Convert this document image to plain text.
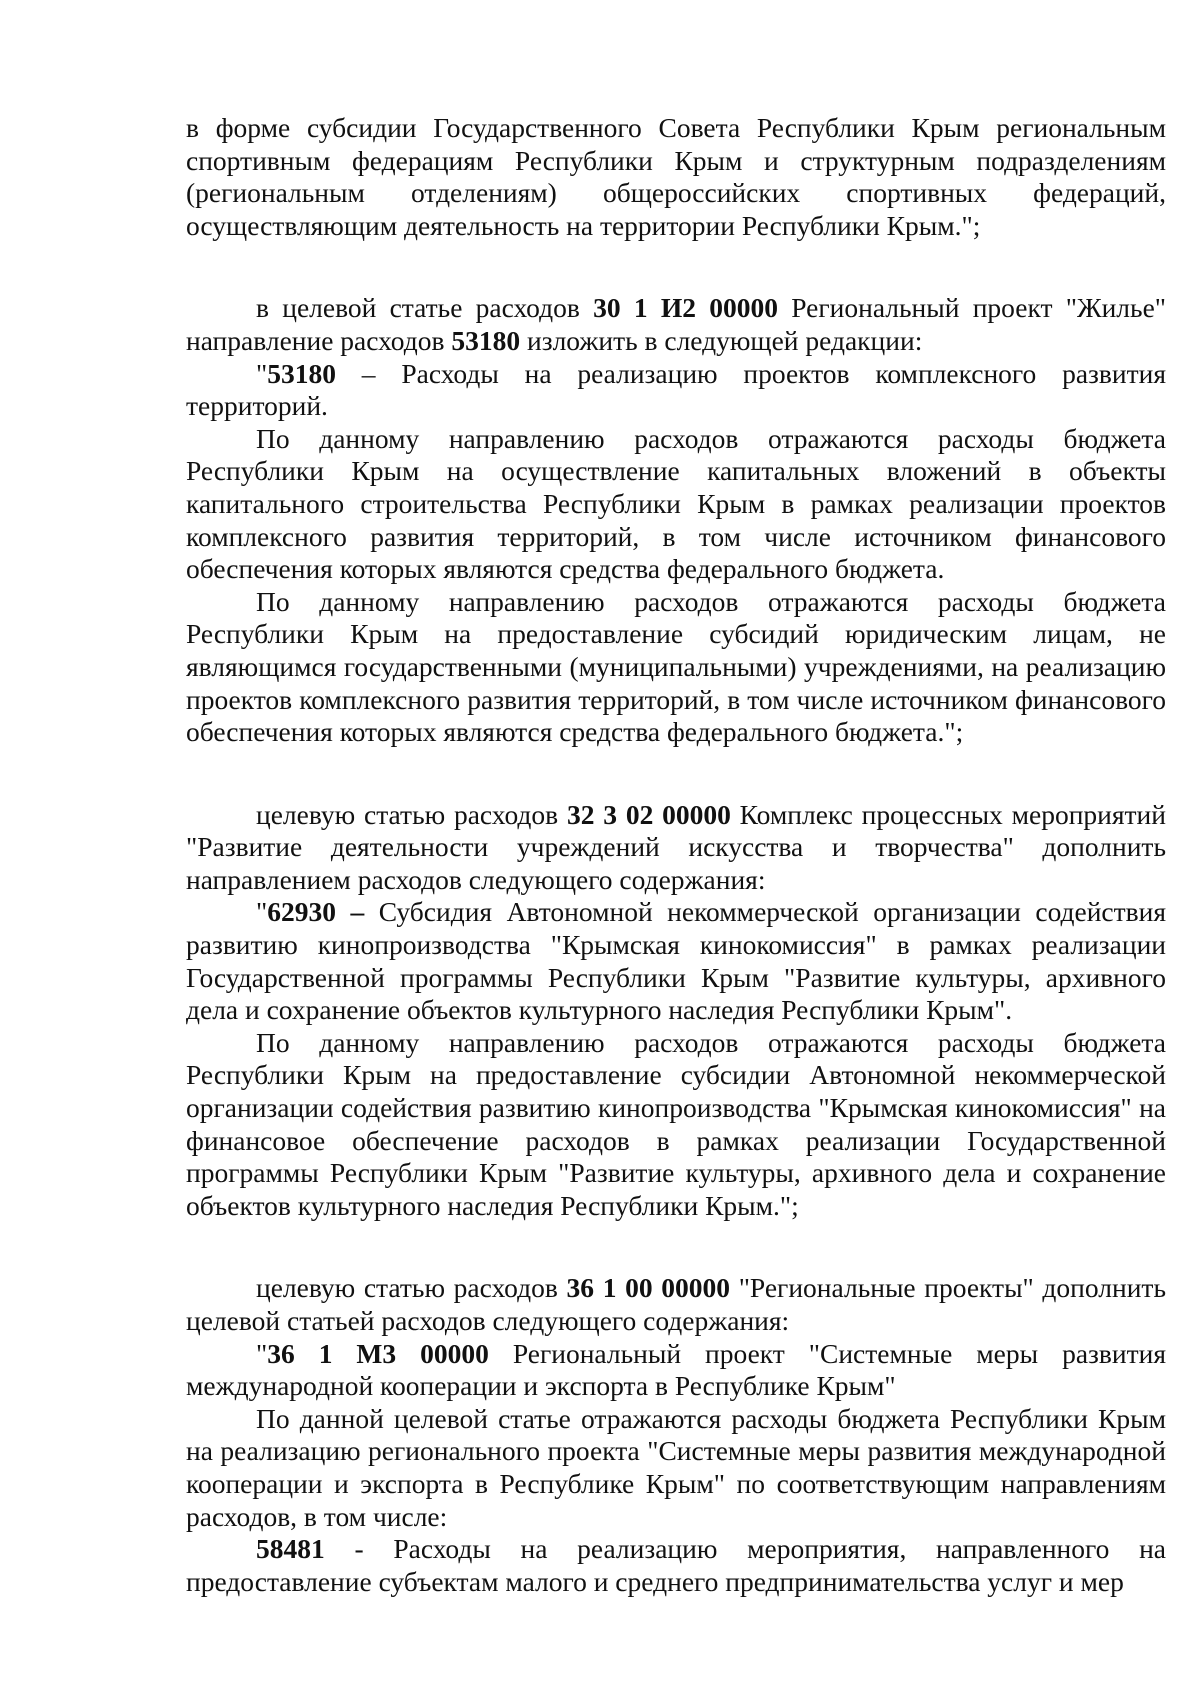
в форме субсидии Государственного Совета Республики Крым региональным спортивным федерациям Республики Крым и структурным подразделениям (региональным отделениям) общероссийских спортивных федераций, осуществляющим деятельность на территории Республики Крым.";

в целевой статье расходов 30 1 И2 00000 Региональный проект "Жилье" направление расходов 53180 изложить в следующей редакции:

"53180 – Расходы на реализацию проектов комплексного развития территорий.

По данному направлению расходов отражаются расходы бюджета Республики Крым на осуществление капитальных вложений в объекты капитального строительства Республики Крым в рамках реализации проектов комплексного развития территорий, в том числе источником финансового обеспечения которых являются средства федерального бюджета.

По данному направлению расходов отражаются расходы бюджета Республики Крым на предоставление субсидий юридическим лицам, не являющимся государственными (муниципальными) учреждениями, на реализацию проектов комплексного развития территорий, в том числе источником финансового обеспечения которых являются средства федерального бюджета.";

целевую статью расходов 32 3 02 00000 Комплекс процессных мероприятий "Развитие деятельности учреждений искусства и творчества" дополнить направлением расходов следующего содержания:

"62930 – Субсидия Автономной некоммерческой организации содействия развитию кинопроизводства "Крымская кинокомиссия" в рамках реализации Государственной программы Республики Крым "Развитие культуры, архивного дела и сохранение объектов культурного наследия Республики Крым".

По данному направлению расходов отражаются расходы бюджета Республики Крым на предоставление субсидии Автономной некоммерческой организации содействия развитию кинопроизводства "Крымская кинокомиссия" на финансовое обеспечение расходов в рамках реализации Государственной программы Республики Крым "Развитие культуры, архивного дела и сохранение объектов культурного наследия Республики Крым.";

целевую статью расходов 36 1 00 00000 "Региональные проекты" дополнить целевой статьей расходов следующего содержания:

"36 1 М3 00000 Региональный проект "Системные меры развития международной кооперации и экспорта в Республике Крым"

По данной целевой статье отражаются расходы бюджета Республики Крым на реализацию регионального проекта "Системные меры развития международной кооперации и экспорта в Республике Крым" по соответствующим направлениям расходов, в том числе:

58481 - Расходы на реализацию мероприятия, направленного на предоставление субъектам малого и среднего предпринимательства услуг и мер
